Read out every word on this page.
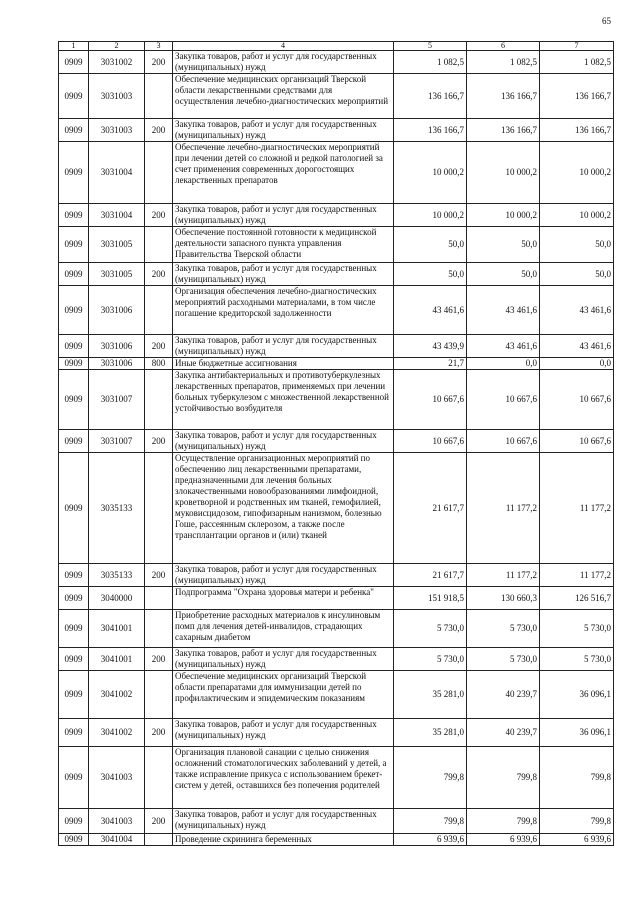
65
1	2	3	4	5	6	7
0909	3031002	200	Закупка товаров, работ и услуг для государственных (муниципальных) нужд	1 082,5	1 082,5	1 082,5
0909	3031003		Обеспечение медицинских организаций Тверской области лекарственными средствами для осуществления лечебно-диагностических мероприятий	136 166,7	136 166,7	136 166,7
0909	3031003	200	Закупка товаров, работ и услуг для государственных (муниципальных) нужд	136 166,7	136 166,7	136 166,7
0909	3031004		Обеспечение лечебно-диагностических мероприятий при лечении детей со сложной и редкой патологией за счет применения современных дорогостоящих лекарственных препаратов	10 000,2	10 000,2	10 000,2
0909	3031004	200	Закупка товаров, работ и услуг для государственных (муниципальных) нужд	10 000,2	10 000,2	10 000,2
0909	3031005		Обеспечение постоянной готовности к медицинской деятельности запасного пункта управления Правительства Тверской области	50,0	50,0	50,0
0909	3031005	200	Закупка товаров, работ и услуг для государственных (муниципальных) нужд	50,0	50,0	50,0
0909	3031006		Организация обеспечения лечебно-диагностических мероприятий расходными материалами, в том числе погашение кредиторской задолженности	43 461,6	43 461,6	43 461,6
0909	3031006	200	Закупка товаров, работ и услуг для государственных (муниципальных) нужд	43 439,9	43 461,6	43 461,6
0909	3031006	800	Иные бюджетные ассигнования	21,7	0,0	0,0
0909	3031007		Закупка антибактериальных и противотуберкулезных лекарственных препаратов, применяемых при лечении больных туберкулезом с множественной лекарственной устойчивостью возбудителя	10 667,6	10 667,6	10 667,6
0909	3031007	200	Закупка товаров, работ и услуг для государственных (муниципальных) нужд	10 667,6	10 667,6	10 667,6
0909	3035133		Осуществление организационных мероприятий по обеспечению лиц лекарственными препаратами, предназначенными для лечения больных злокачественными новообразованиями лимфоидной, кроветворной и родственных им тканей, гемофилией, муковисцидозом, гипофизарным нанизмом, болезнью Гоше, рассеянным склерозом, а также после трансплантации органов и (или) тканей	21 617,7	11 177,2	11 177,2
0909	3035133	200	Закупка товаров, работ и услуг для государственных (муниципальных) нужд	21 617,7	11 177,2	11 177,2
0909	3040000		Подпрограмма "Охрана здоровья матери и ребенка"	151 918,5	130 660,3	126 516,7
0909	3041001		Приобретение расходных материалов к инсулиновым помп для лечения детей-инвалидов, страдающих сахарным диабетом	5 730,0	5 730,0	5 730,0
0909	3041001	200	Закупка товаров, работ и услуг для государственных (муниципальных) нужд	5 730,0	5 730,0	5 730,0
0909	3041002		Обеспечение медицинских организаций Тверской области препаратами для иммунизации детей по профилактическим и эпидемическим показаниям	35 281,0	40 239,7	36 096,1
0909	3041002	200	Закупка товаров, работ и услуг для государственных (муниципальных) нужд	35 281,0	40 239,7	36 096,1
0909	3041003		Организация плановой санации с целью снижения осложнений стоматологических заболеваний у детей, а также исправление прикуса с использованием брекет-систем у детей, оставшихся без попечения родителей	799,8	799,8	799,8
0909	3041003	200	Закупка товаров, работ и услуг для государственных (муниципальных) нужд	799,8	799,8	799,8
0909	3041004		Проведение скрининга беременных	6 939,6	6 939,6	6 939,6
